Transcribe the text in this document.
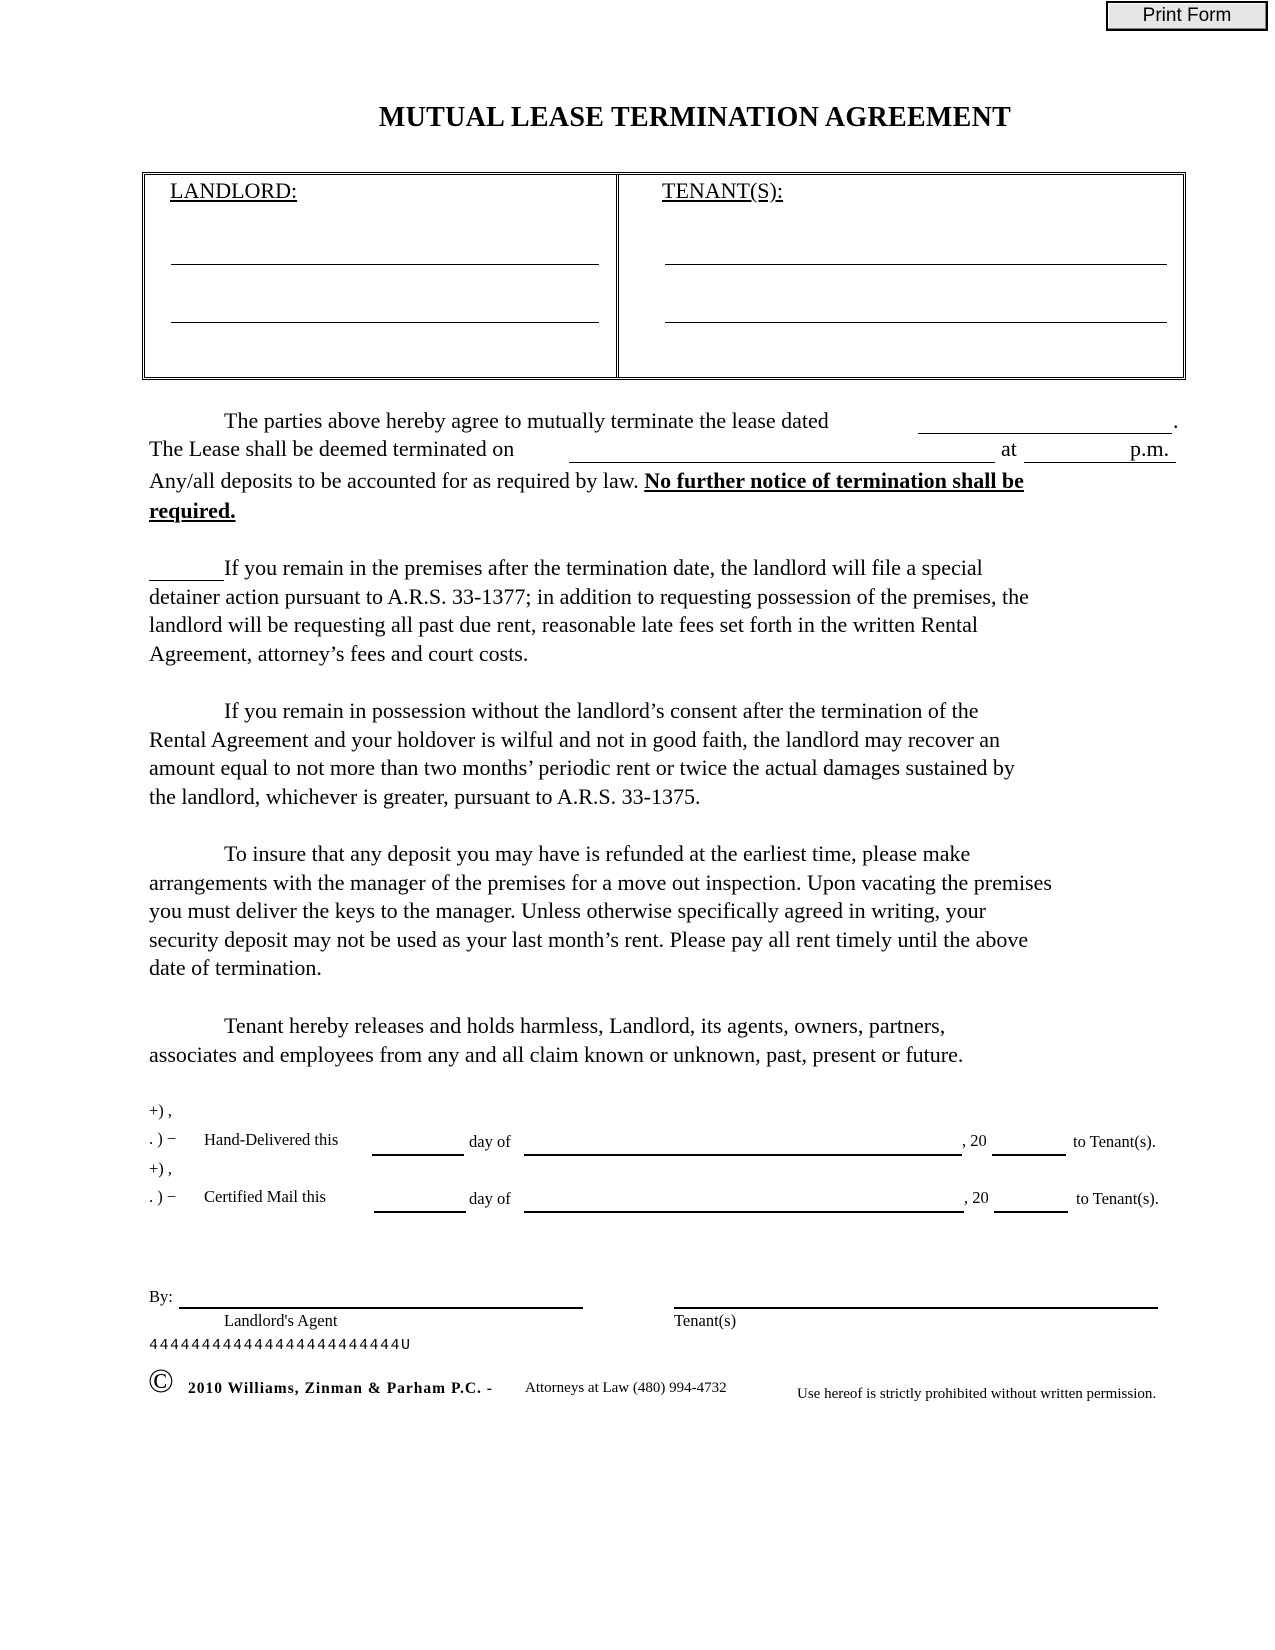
Print Form
MUTUAL LEASE TERMINATION AGREEMENT
LANDLORD:	TENANT(S):
The parties above hereby agree to mutually terminate the lease dated	.
The Lease shall be deemed terminated on	at	p.m.
Any/all deposits to be accounted for as required by law. No further notice of termination shall be
required.
If you remain in the premises after the termination date, the landlord will file a special
detainer action pursuant to A.R.S. 33-1377; in addition to requesting possession of the premises, the
landlord will be requesting all past due rent, reasonable late fees set forth in the written Rental
Agreement, attorney’s fees and court costs.
If you remain in possession without the landlord’s consent after the termination of the
Rental Agreement and your holdover is wilful and not in good faith, the landlord may recover an
amount equal to not more than two months’ periodic rent or twice the actual damages sustained by
the landlord, whichever is greater, pursuant to A.R.S. 33-1375.
To insure that any deposit you may have is refunded at the earliest time, please make
arrangements with the manager of the premises for a move out inspection. Upon vacating the premises
you must deliver the keys to the manager. Unless otherwise specifically agreed in writing, your
security deposit may not be used as your last month’s rent. Please pay all rent timely until the above
date of termination.
Tenant hereby releases and holds harmless, Landlord, its agents, owners, partners,
associates and employees from any and all claim known or unknown, past, present or future.
+) ,
. ) − Hand-Delivered this	day of	, 20	to Tenant(s).
+) ,
. ) − Certified Mail this	day of	, 20	to Tenant(s).
By:
Landlord's Agent	Tenant(s)
444444444444444444444444U
© 2010 Williams, Zinman & Parham P.C. - Attorneys at Law (480) 994-4732	Use hereof is strictly prohibited without written permission.
